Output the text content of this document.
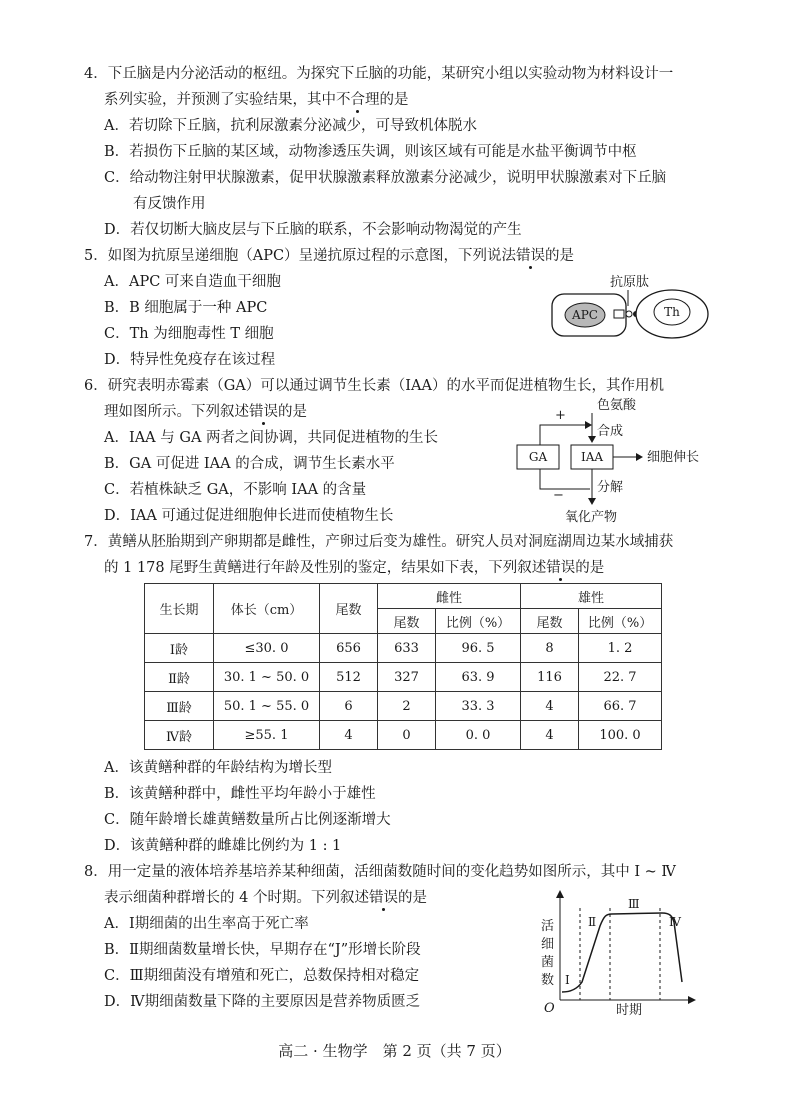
4．下丘脑是内分泌活动的枢纽。为探究下丘脑的功能，某研究小组以实验动物为材料设计一
系列实验，并预测了实验结果，其中不合理的是
A．若切除下丘脑，抗利尿激素分泌减少，可导致机体脱水
B．若损伤下丘脑的某区域，动物渗透压失调，则该区域有可能是水盐平衡调节中枢
C．给动物注射甲状腺激素，促甲状腺激素释放激素分泌减少，说明甲状腺激素对下丘脑
有反馈作用
D．若仅切断大脑皮层与下丘脑的联系，不会影响动物渴觉的产生
5．如图为抗原呈递细胞（APC）呈递抗原过程的示意图，下列说法错误的是
A．APC 可来自造血干细胞
B．B 细胞属于一种 APC
C．Th 为细胞毒性 T 细胞
D．特异性免疫存在该过程
抗原肽
APC	Th
6．研究表明赤霉素（GA）可以通过调节生长素（IAA）的水平而促进植物生长，其作用机
理如图所示。下列叙述错误的是
A．IAA 与 GA 两者之间协调，共同促进植物的生长
B．GA 可促进 IAA 的合成，调节生长素水平
C．若植株缺乏 GA，不影响 IAA 的含量
D．IAA 可通过促进细胞伸长进而使植物生长
色氨酸
合成
+
GA	IAA	细胞伸长
−
分解
氧化产物
7．黄鳝从胚胎期到产卵期都是雌性，产卵过后变为雄性。研究人员对洞庭湖周边某水域捕获
的 1 178 尾野生黄鳝进行年龄及性别的鉴定，结果如下表，下列叙述错误的是
生长期	体长（cm）	尾数	雌性		雄性	
			尾数	比例（%）	尾数	比例（%）
Ⅰ龄	≤30. 0	656	633	96. 5	8	1. 2
Ⅱ龄	30. 1 ~ 50. 0	512	327	63. 9	116	22. 7
Ⅲ龄	50. 1 ~ 55. 0	6	2	33. 3	4	66. 7
Ⅳ龄	≥55. 1	4	0	0. 0	4	100. 0
A．该黄鳝种群的年龄结构为增长型
B．该黄鳝种群中，雌性平均年龄小于雄性
C．随年龄增长雄黄鳝数量所占比例逐渐增大
D．该黄鳝种群的雌雄比例约为 1 : 1
8．用一定量的液体培养基培养某种细菌，活细菌数随时间的变化趋势如图所示，其中 Ⅰ ~ Ⅳ
表示细菌种群增长的 4 个时期。下列叙述错误的是
A．Ⅰ期细菌的出生率高于死亡率
B．Ⅱ期细菌数量增长快，早期存在“J”形增长阶段
C．Ⅲ期细菌没有增殖和死亡，总数保持相对稳定
D．Ⅳ期细菌数量下降的主要原因是营养物质匮乏
活
细
菌
数
O	时期
Ⅰ
Ⅱ
Ⅲ
Ⅳ
高二 · 生物学　第 2 页（共 7 页）
